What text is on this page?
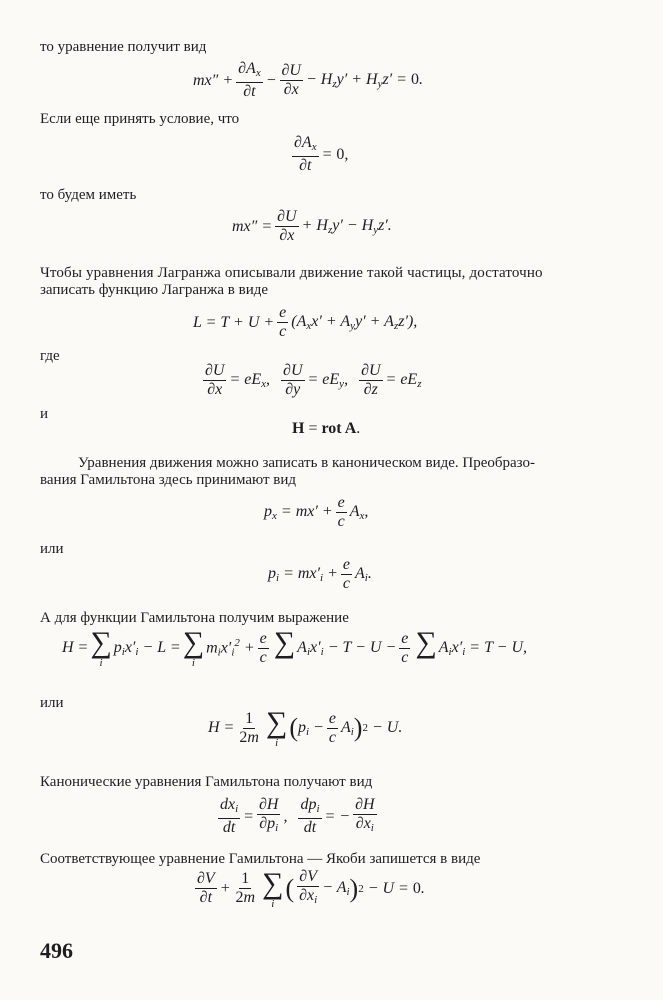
то уравнение получит вид
Если еще принять условие, что
то будем иметь
Чтобы уравнения Лагранжа описывали движение такой частицы, достаточно
записать функцию Лагранжа в виде
где
и
Уравнения движения можно записать в каноническом виде. Преобразо-
вания Гамильтона здесь принимают вид
или
А для функции Гамильтона получим выражение
или
Канонические уравнения Гамильтона получают вид
Соответствующее уравнение Гамильтона — Якоби запишется в виде
$mx'' + \frac{\partial A_x}{\partial t} - \frac{\partial U}{\partial x} - H_zy' + H_yz' = 0$.
$\frac{\partial A_x}{\partial t} = 0$,
$mx'' = \frac{\partial U}{\partial x} + H_zy' - H_yz'$.
$L = T + U + \frac{e}{c} (A_xx' + A_yy' + A_zz')$,
$\frac{\partial U}{\partial x} = eE_x$, $\frac{\partial U}{\partial y} = eE_y$, $\frac{\partial U}{\partial z} = eE_z$
H = rot A.
$p_x = mx' + \frac{e}{c} A_x$,
$p_i = mx'_i + \frac{e}{c} A_i$.
H = ∑
i
$p_ix'_i - L$ = ∑
i
$m_ix'_i^2 + \frac{e}{c}$ ∑
$A_ix'_i - T - U - \frac{e}{c}$ ∑
$A_ix'_i = T - U$,
$H = \frac{1}{2m}$ ∑
i
( $p_i - \frac{e}{c} A_i$ ) 2 − U.
$\frac{dx_i}{dt} = \frac{\partial H}{\partial p_i}$ , $\frac{dp_i}{dt}$ = − $\frac{\partial H}{\partial x_i}$
$\frac{\partial V}{\partial t} + \frac{1}{2m}$ ∑
i
( $\frac{\partial V}{\partial x_i} - A_i$ ) 2 − U = 0.
496
